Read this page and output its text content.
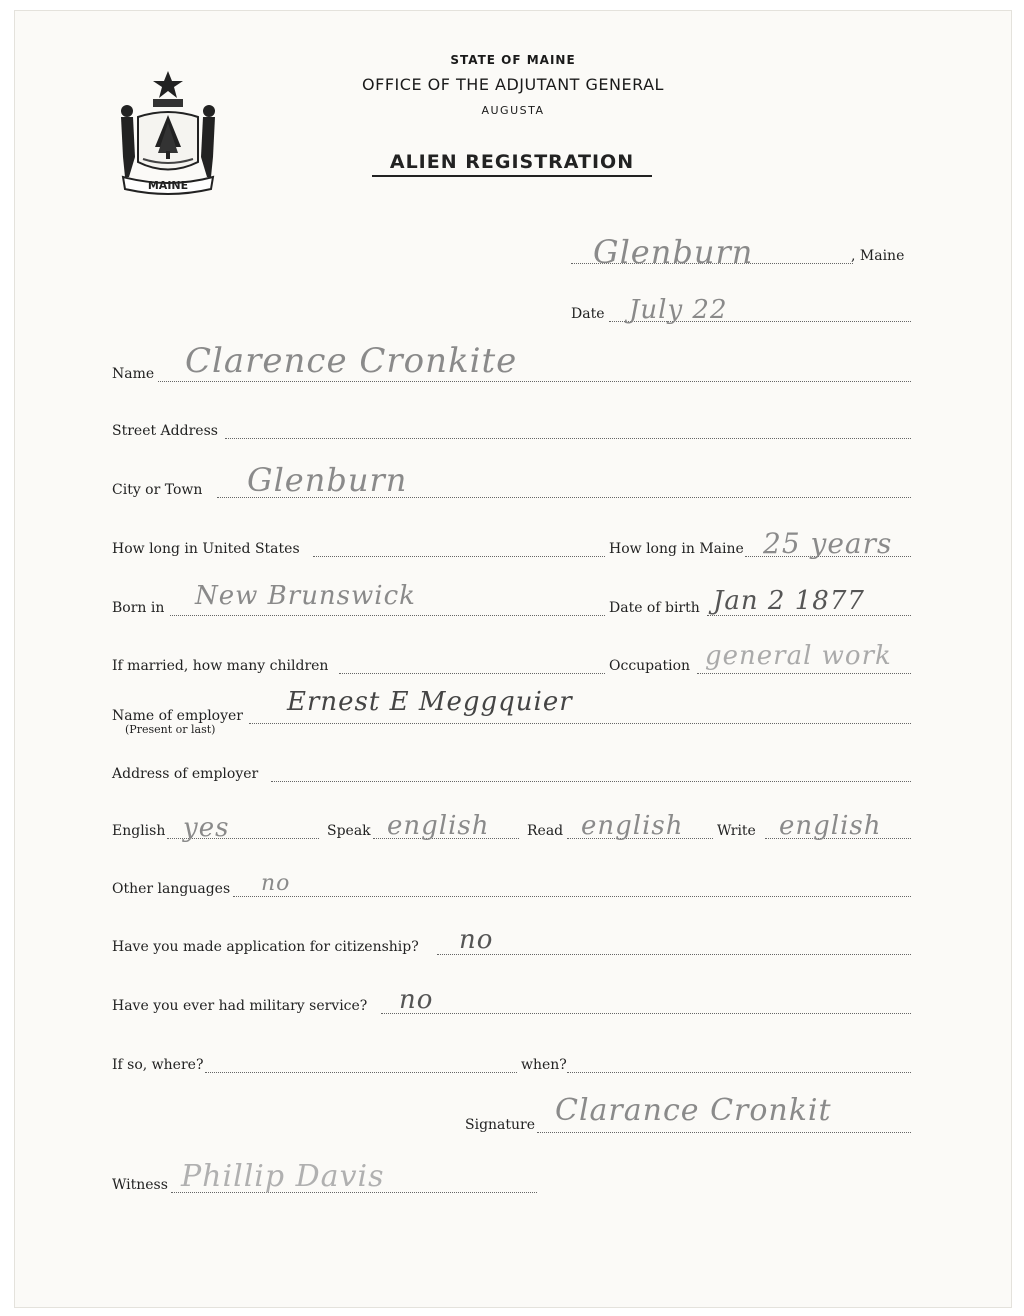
MAINE
STATE OF MAINE
OFFICE OF THE ADJUTANT GENERAL
AUGUSTA
ALIEN REGISTRATION
Glenburn	, Maine
Date July 22
Name Clarence Cronkite
Street Address
City or Town Glenburn
How long in United States	How long in Maine 25 years
Born in New Brunswick	Date of birth Jan 2 1877
If married, how many children	Occupation general work
Name of employer
(Present or last)
Ernest E Meggquier
Address of employer
English yes	Speak english	Read english Write english
Other languages no
Have you made application for citizenship? no
Have you ever had military service? no
If so, where?	when?
Signature Clarance Cronkit
Witness Phillip Davis
